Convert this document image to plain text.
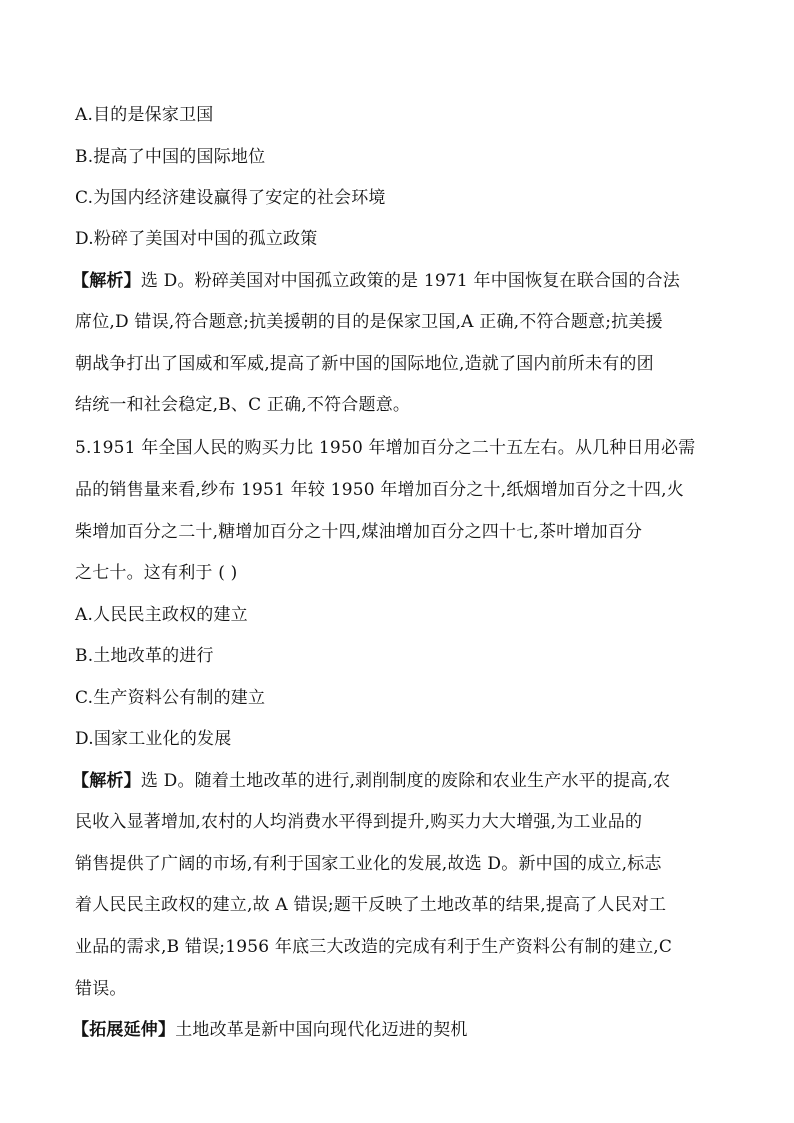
A.目的是保家卫国
B.提高了中国的国际地位
C.为国内经济建设赢得了安定的社会环境
D.粉碎了美国对中国的孤立政策
【解析】选 D。粉碎美国对中国孤立政策的是 1971 年中国恢复在联合国的合法
席位,D 错误,符合题意;抗美援朝的目的是保家卫国,A 正确,不符合题意;抗美援
朝战争打出了国威和军威,提高了新中国的国际地位,造就了国内前所未有的团
结统一和社会稳定,B、C 正确,不符合题意。
5.1951 年全国人民的购买力比 1950 年增加百分之二十五左右。从几种日用必需
品的销售量来看,纱布 1951 年较 1950 年增加百分之十,纸烟增加百分之十四,火
柴增加百分之二十,糖增加百分之十四,煤油增加百分之四十七,茶叶增加百分
之七十。这有利于 ( )
A.人民民主政权的建立
B.土地改革的进行
C.生产资料公有制的建立
D.国家工业化的发展
【解析】选 D。随着土地改革的进行,剥削制度的废除和农业生产水平的提高,农
民收入显著增加,农村的人均消费水平得到提升,购买力大大增强,为工业品的
销售提供了广阔的市场,有利于国家工业化的发展,故选 D。新中国的成立,标志
着人民民主政权的建立,故 A 错误;题干反映了土地改革的结果,提高了人民对工
业品的需求,B 错误;1956 年底三大改造的完成有利于生产资料公有制的建立,C
错误。
【拓展延伸】土地改革是新中国向现代化迈进的契机
